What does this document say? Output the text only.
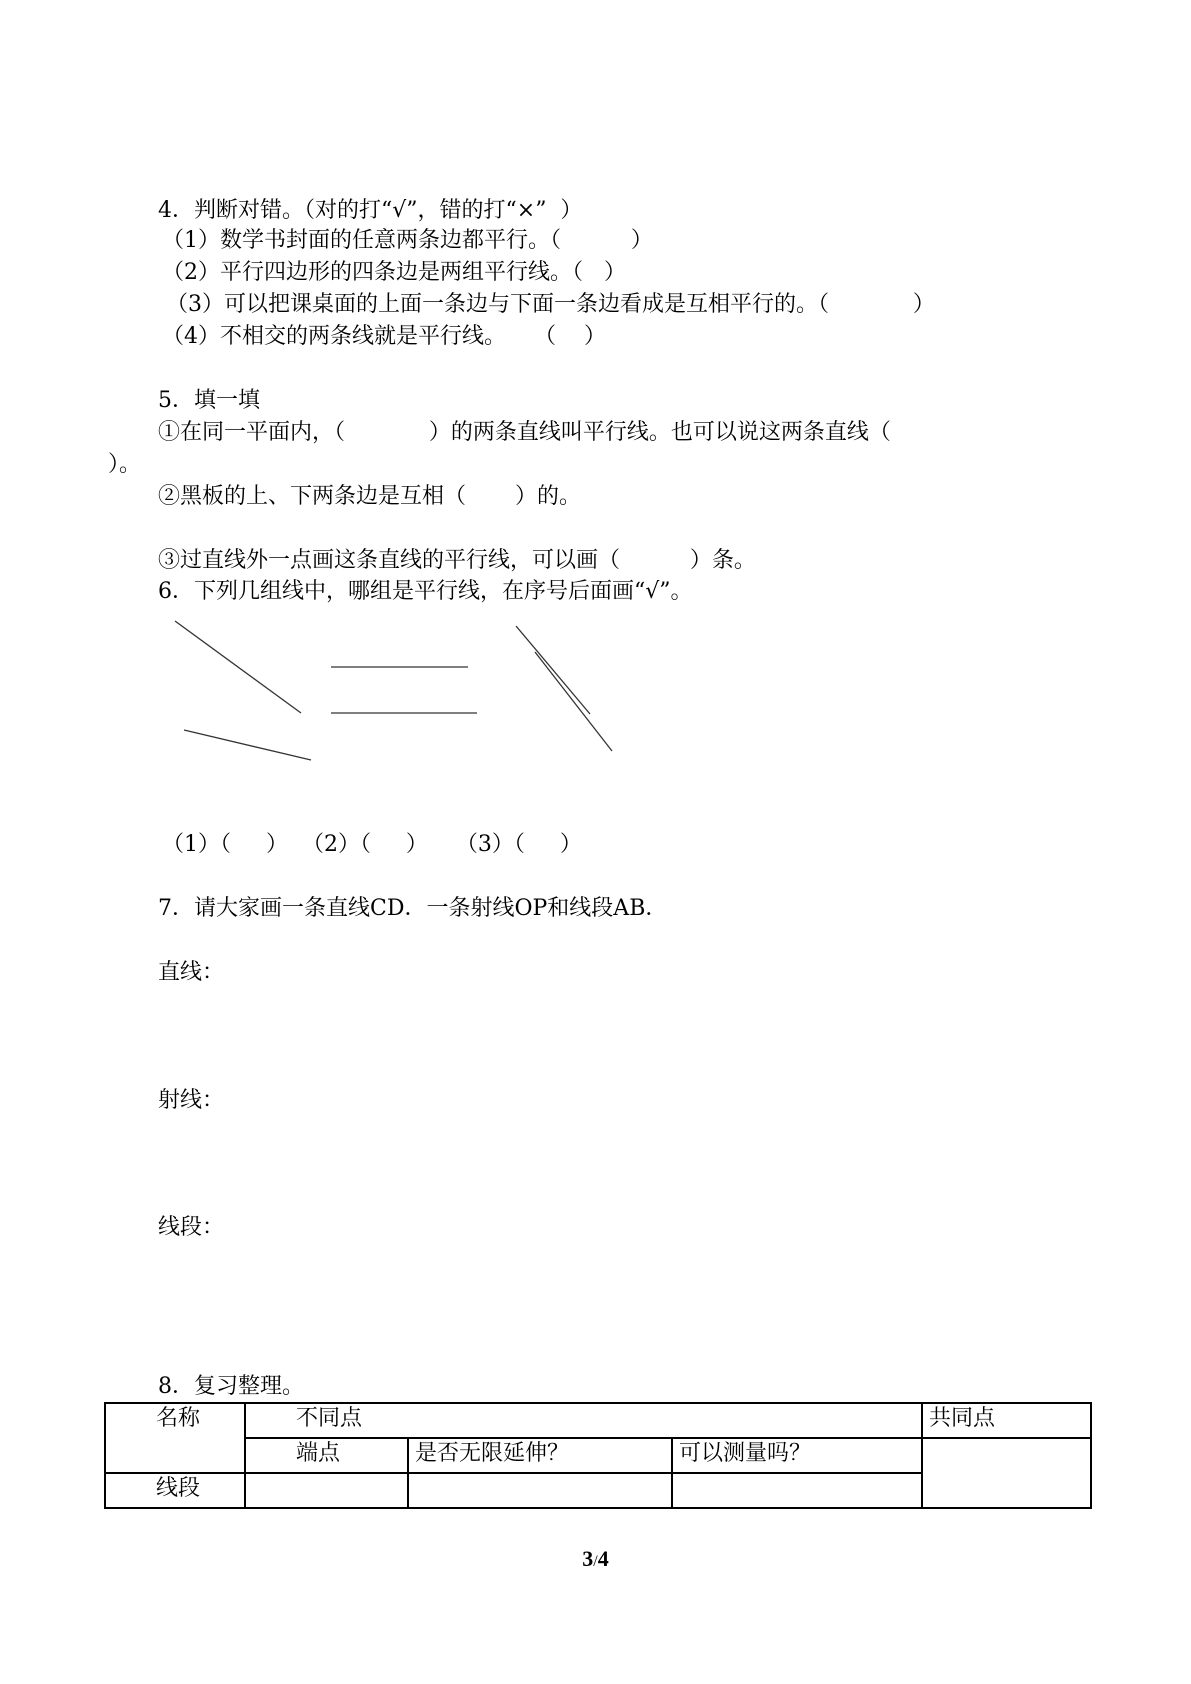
4．判断对错。（对的打“√”，错的打“×”  ）
（1）数学书封面的任意两条边都平行。（          ）
（2）平行四边形的四条边是两组平行线。（   ）
（3）可以把课桌面的上面一条边与下面一条边看成是互相平行的。（            ）
（4）不相交的两条线就是平行线。    （    ）
5．填一填
①在同一平面内，（            ）的两条直线叫平行线。也可以说这两条直线（
）。
②黑板的上、下两条边是互相（       ）的。
③过直线外一点画这条直线的平行线，可以画（          ）条。
6．下列几组线中，哪组是平行线，在序号后面画“√”。
（1）（     ）  （2）（     ）    （3）（     ）
7．请大家画一条直线CD．一条射线OP和线段AB．
直线：
射线：
线段：
8．复习整理。
名称	不同点			共同点
	端点	是否无限延伸？	可以测量吗？	
线段				
3/4
